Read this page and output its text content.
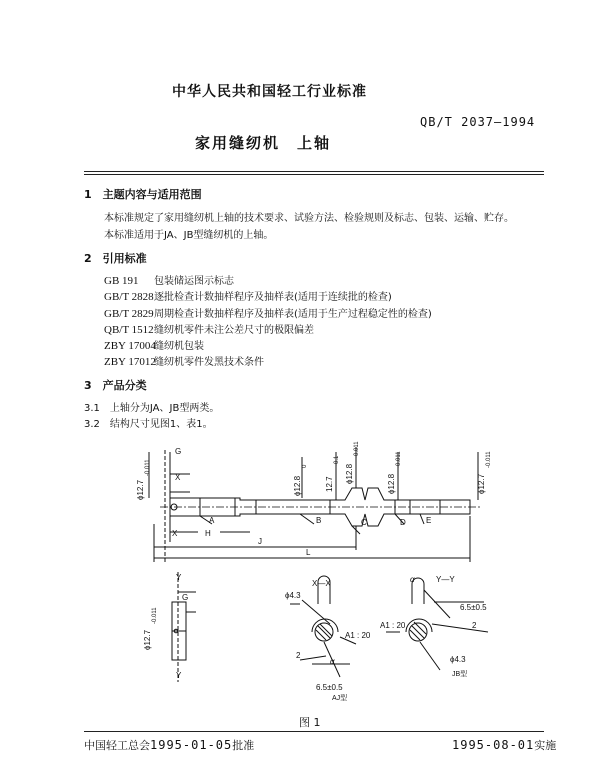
中华人民共和国轻工行业标准
QB/T 2037—1994
家用缝纫机　上轴
1　主题内容与适用范围
本标准规定了家用缝纫机上轴的技术要求、试验方法、检验规则及标志、包装、运输、贮存。
本标准适用于JA、JB型缝纫机的上轴。
2　引用标准
GB 191 包装储运图示标志
GB/T 2828逐批检查计数抽样程序及抽样表(适用于连续批的检查)
GB/T 2829周期检查计数抽样程序及抽样表(适用于生产过程稳定性的检查)
QB/T 1512缝纫机零件未注公差尺寸的极限偏差
ZBY 17004缝纫机包装
ZBY 17012缝纫机零件发黑技术条件
3　产品分类
3.1　上轴分为JA、JB型两类。
3.2　结构尺寸见图1、表1。
ϕ12.7
-0.011
ϕ12.8
0
12.7
-0.1
ϕ12.8
-0.011
ϕ12.8
-0.011
ϕ12.7
-0.011
ϕ12.7
-0.011
G
X
X	H
J
L
A	B	C	D	E
Y
G
Y
X—X	Y—Y
α
α
ϕ4.3
ϕ4.3
A1 : 20
A1 : 20
2
2
6.5±0.5
6.5±0.5
AJ型
JB型
图 1
中国轻工总会1995-01-05批准	1995-08-01实施
